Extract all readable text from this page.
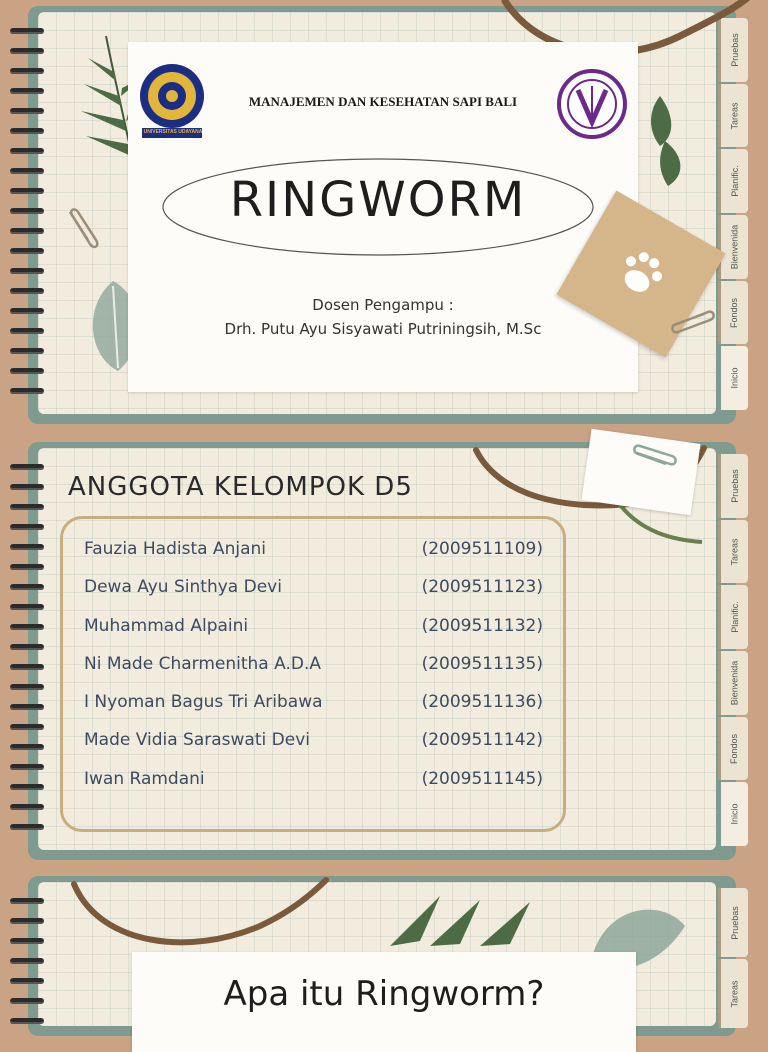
Pruebas
Tareas
Planific.
Bienvenida
Fondos
Inicio
UNIVERSITAS UDAYANA
MANAJEMEN DAN KESEHATAN SAPI BALI
RINGWORM
Dosen Pengampu :
Drh. Putu Ayu Sisyawati Putriningsih, M.Sc
Pruebas
Tareas
Planific.
Bienvenida
Fondos
Inicio
ANGGOTA KELOMPOK D5
Fauzia Hadista Anjani	(2009511109)
Dewa Ayu Sinthya Devi	(2009511123)
Muhammad Alpaini	(2009511132)
Ni Made Charmenitha A.D.A	(2009511135)
I Nyoman Bagus Tri Aribawa	(2009511136)
Made Vidia Saraswati Devi	(2009511142)
Iwan Ramdani	(2009511145)
Pruebas
Tareas
Apa itu Ringworm?
